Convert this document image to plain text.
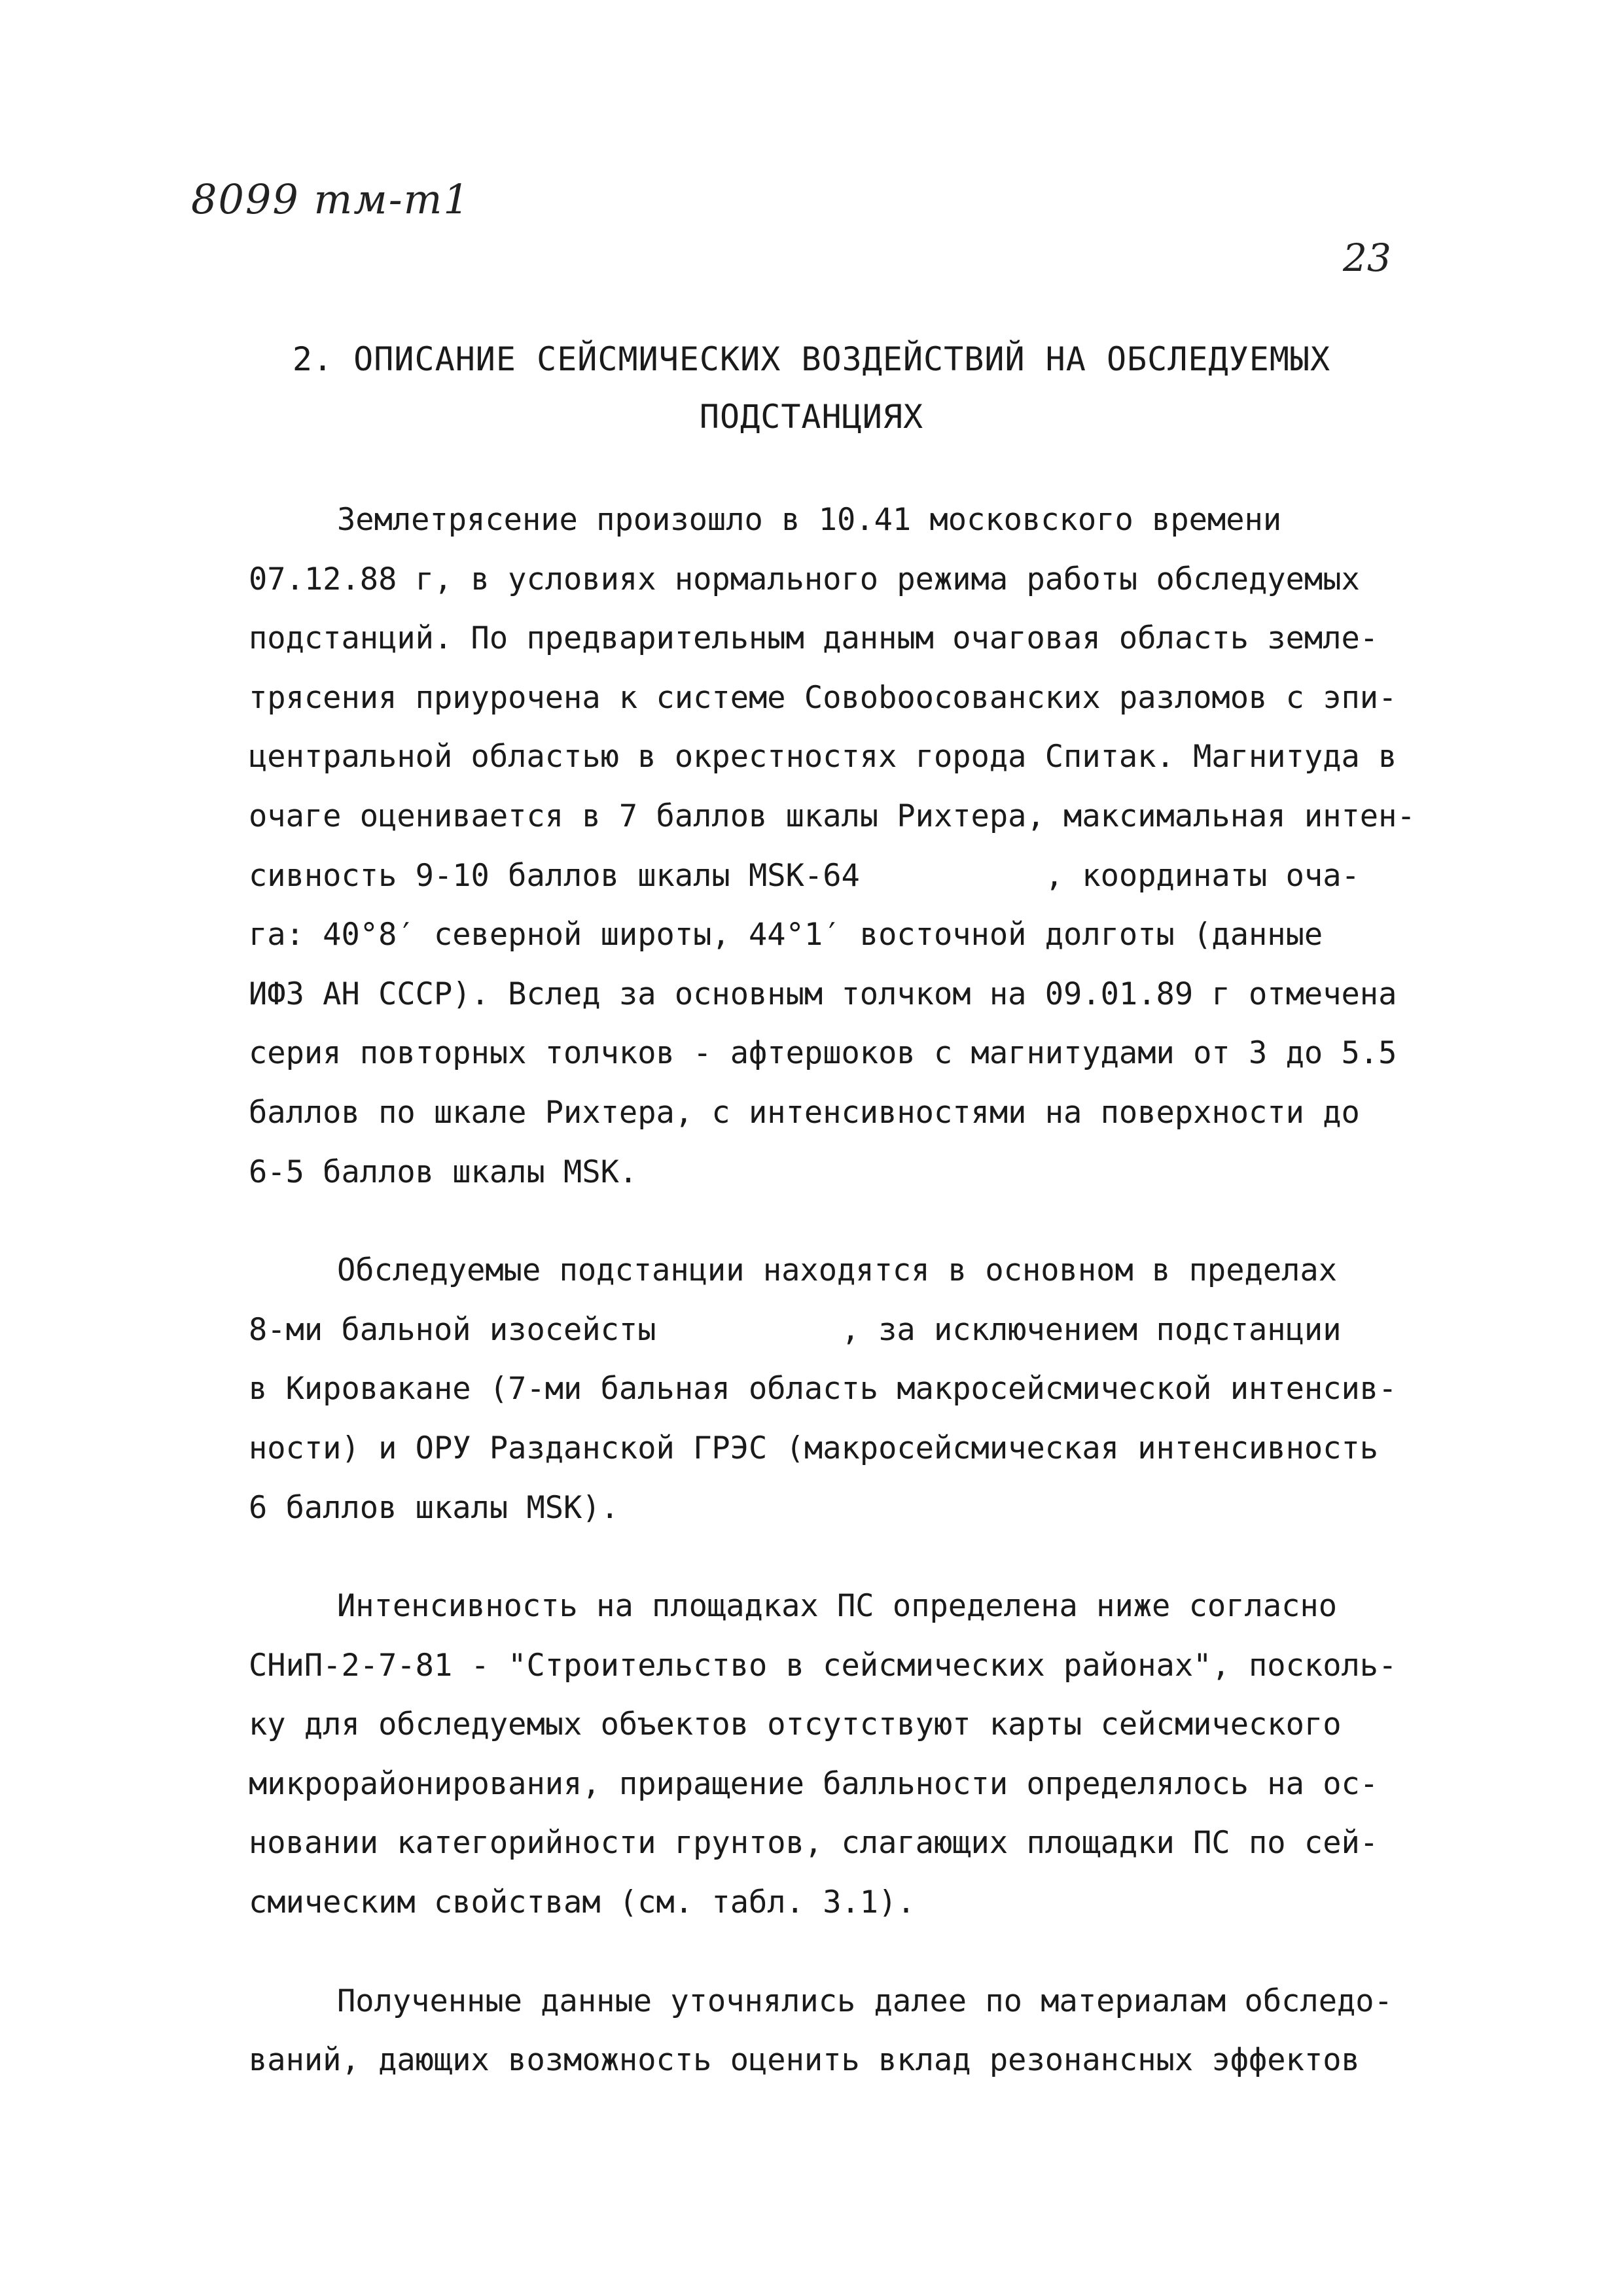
8099 тм-т1
23
2. ОПИСАНИЕ СЕЙСМИЧЕСКИХ ВОЗДЕЙСТВИЙ НА ОБСЛЕДУЕМЫХ
ПОДСТАНЦИЯХ
Землетрясение произошло в 10.41 московского времени
07.12.88 г, в условиях нормального режима работы обследуемых
подстанций. По предварительным данным очаговая область земле-
трясения приурочена к системе Совоbooсованских разломов с эпи-
центральной областью в окрестностях города Спитак. Магнитуда в
очаге оценивается в 7 баллов шкалы Рихтера, максимальная интен-
сивность 9-10 баллов шкалы MSK-64          , координаты оча-
га: 40°8′ северной широты, 44°1′ восточной долготы (данные
ИФЗ АН СССР). Вслед за основным толчком на 09.01.89 г отмечена
серия повторных толчков - афтершоков с магнитудами от 3 до 5.5
баллов по шкале Рихтера, с интенсивностями на поверхности до
6-5 баллов шкалы MSK.
Обследуемые подстанции находятся в основном в пределах
8-ми бальной изосейсты          , за исключением подстанции
в Кироваканe (7-ми бальная область макросейсмической интенсив-
ности) и ОРУ Разданской ГРЭС (макросейсмическая интенсивность
6 баллов шкалы MSK).
Интенсивность на площадках ПС определена ниже согласно
СНиП-2-7-81 - "Строительство в сейсмических районах", посколь-
ку для обследуемых объектов отсутствуют карты сейсмического
микрорайонирования, приращение балльности определялось на ос-
новании категорийности грунтов, слагающих площадки ПС по сей-
смическим свойствам (см. табл. 3.1).
Полученные данные уточнялись далее по материалам обследо-
ваний, дающих возможность оценить вклад резонансных эффектов
